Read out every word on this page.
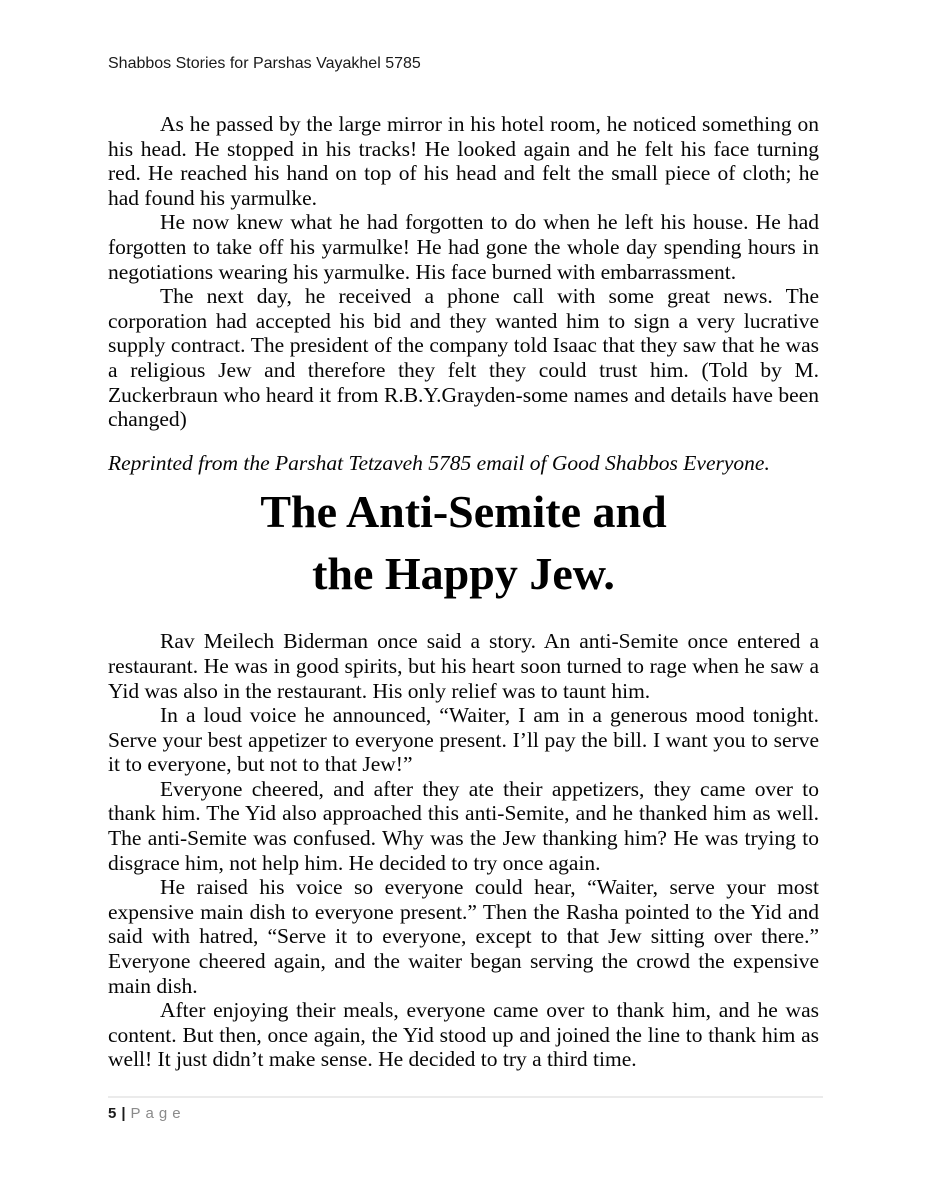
Shabbos Stories for Parshas Vayakhel 5785

As he passed by the large mirror in his hotel room, he noticed something on his head. He stopped in his tracks! He looked again and he felt his face turning red. He reached his hand on top of his head and felt the small piece of cloth; he had found his yarmulke.

He now knew what he had forgotten to do when he left his house. He had forgotten to take off his yarmulke! He had gone the whole day spending hours in negotiations wearing his yarmulke. His face burned with embarrassment.

The next day, he received a phone call with some great news. The corporation had accepted his bid and they wanted him to sign a very lucrative supply contract. The president of the company told Isaac that they saw that he was a religious Jew and therefore they felt they could trust him. (Told by M. Zuckerbraun who heard it from R.B.Y.Grayden-some names and details have been changed)

Reprinted from the Parshat Tetzaveh 5785 email of Good Shabbos Everyone.

The Anti-Semite and
the Happy Jew.

Rav Meilech Biderman once said a story. An anti-Semite once entered a restaurant. He was in good spirits, but his heart soon turned to rage when he saw a Yid was also in the restaurant. His only relief was to taunt him.

In a loud voice he announced, “Waiter, I am in a generous mood tonight. Serve your best appetizer to everyone present. I’ll pay the bill. I want you to serve it to everyone, but not to that Jew!”

Everyone cheered, and after they ate their appetizers, they came over to thank him. The Yid also approached this anti-Semite, and he thanked him as well. The anti-Semite was confused. Why was the Jew thanking him? He was trying to disgrace him, not help him. He decided to try once again.

He raised his voice so everyone could hear, “Waiter, serve your most expensive main dish to everyone present.” Then the Rasha pointed to the Yid and said with hatred, “Serve it to everyone, except to that Jew sitting over there.” Everyone cheered again, and the waiter began serving the crowd the expensive main dish.

After enjoying their meals, everyone came over to thank him, and he was content. But then, once again, the Yid stood up and joined the line to thank him as well! It just didn’t make sense. He decided to try a third time.

5 | Page
